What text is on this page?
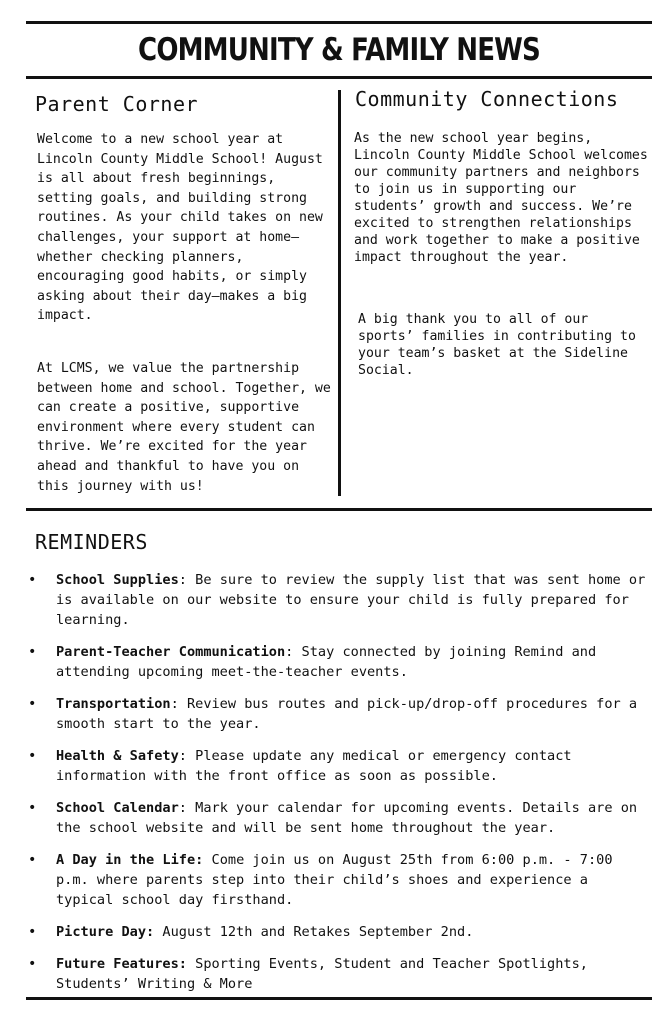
COMMUNITY & FAMILY NEWS
Parent Corner

Welcome to a new school year at Lincoln County Middle School! August is all about fresh beginnings, setting goals, and building strong routines. As your child takes on new challenges, your support at home—whether checking planners, encouraging good habits, or simply asking about their day—makes a big impact.

At LCMS, we value the partnership between home and school. Together, we can create a positive, supportive environment where every student can thrive. We’re excited for the year ahead and thankful to have you on this journey with us!

Community Connections

As the new school year begins, Lincoln County Middle School welcomes our community partners and neighbors to join us in supporting our students’ growth and success. We’re excited to strengthen relationships and work together to make a positive impact throughout the year.

A big thank you to all of our sports’ families in contributing to your team’s basket at the Sideline Social.

REMINDERS
• School Supplies: Be sure to review the supply list that was sent home or is available on our website to ensure your child is fully prepared for learning.
• Parent-Teacher Communication: Stay connected by joining Remind and attending upcoming meet-the-teacher events.
• Transportation: Review bus routes and pick-up/drop-off procedures for a smooth start to the year.
• Health & Safety: Please update any medical or emergency contact information with the front office as soon as possible.
• School Calendar: Mark your calendar for upcoming events. Details are on the school website and will be sent home throughout the year.
• A Day in the Life: Come join us on August 25th from 6:00 p.m. - 7:00 p.m. where parents step into their child’s shoes and experience a typical school day firsthand.
• Picture Day: August 12th and Retakes September 2nd.
• Future Features: Sporting Events, Student and Teacher Spotlights, Students’ Writing & More
